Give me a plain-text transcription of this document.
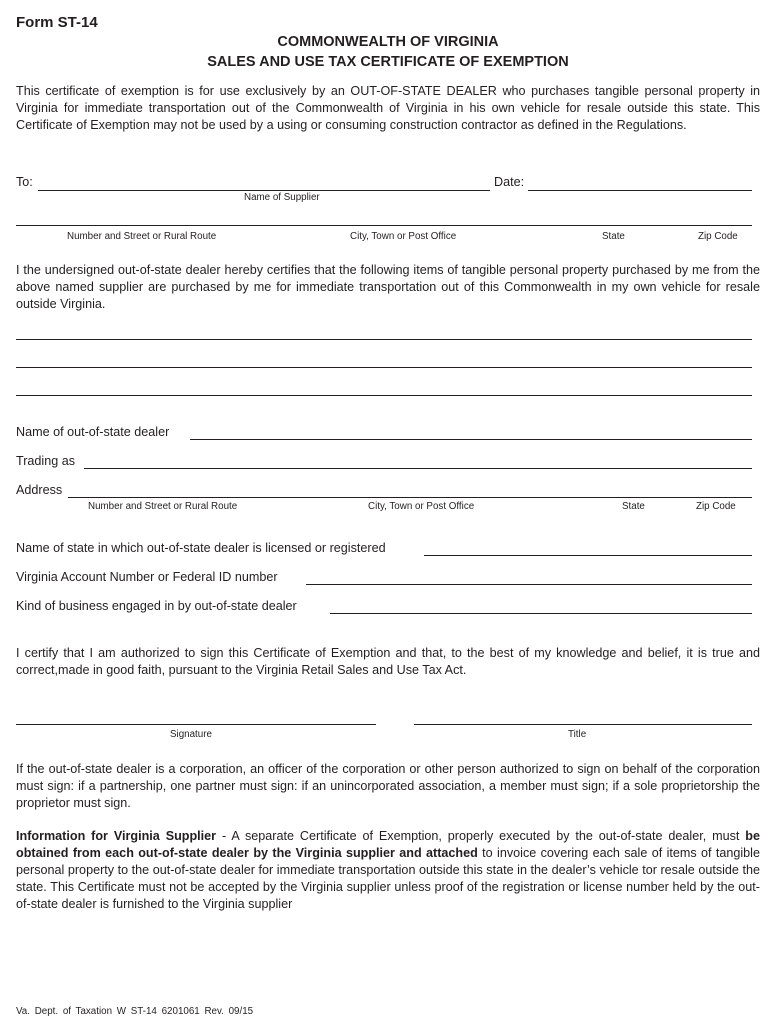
Form ST-14
COMMONWEALTH OF VIRGINIA
SALES AND USE TAX CERTIFICATE OF EXEMPTION
This certificate of exemption is for use exclusively by an OUT-OF-STATE DEALER who purchases tangible personal property in Virginia for immediate transportation out of the Commonwealth of Virginia in his own vehicle for resale outside this state. This Certificate of Exemption may not be used by a using or consuming construction contractor as defined in the Regulations.
To:	Date:
Name of Supplier
Number and Street or Rural Route	City, Town or Post Office	State	Zip Code
I the undersigned out-of-state dealer hereby certifies that the following items of tangible personal property purchased by me from the above named supplier are purchased by me for immediate transportation out of this Commonwealth in my own vehicle for resale outside Virginia.
Name of out-of-state dealer
Trading as
Address
Number and Street or Rural Route	City, Town or Post Office	State	Zip Code
Name of state in which out-of-state dealer is licensed or registered
Virginia Account Number or Federal ID number
Kind of business engaged in by out-of-state dealer
I certify that I am authorized to sign this Certificate of Exemption and that, to the best of my knowledge and belief, it is true and correct,made in good faith, pursuant to the Virginia Retail Sales and Use Tax Act.
Signature	Title
If the out-of-state dealer is a corporation, an officer of the corporation or other person authorized to sign on behalf of the corporation must sign: if a partnership, one partner must sign: if an unincorporated association, a member must sign; if a sole proprietorship the proprietor must sign.
Information for Virginia Supplier - A separate Certificate of Exemption, properly executed by the out-of-state dealer, must be obtained from each out-of-state dealer by the Virginia supplier and attached to invoice covering each sale of items of tangible personal property to the out-of-state dealer for immediate transportation outside this state in the dealer’s vehicle tor resale outside the state. This Certificate must not be accepted by the Virginia supplier unless proof of the registration or license number held by the out-of-state dealer is furnished to the Virginia supplier
Va. Dept. of Taxation W ST-14 6201061 Rev. 09/15
